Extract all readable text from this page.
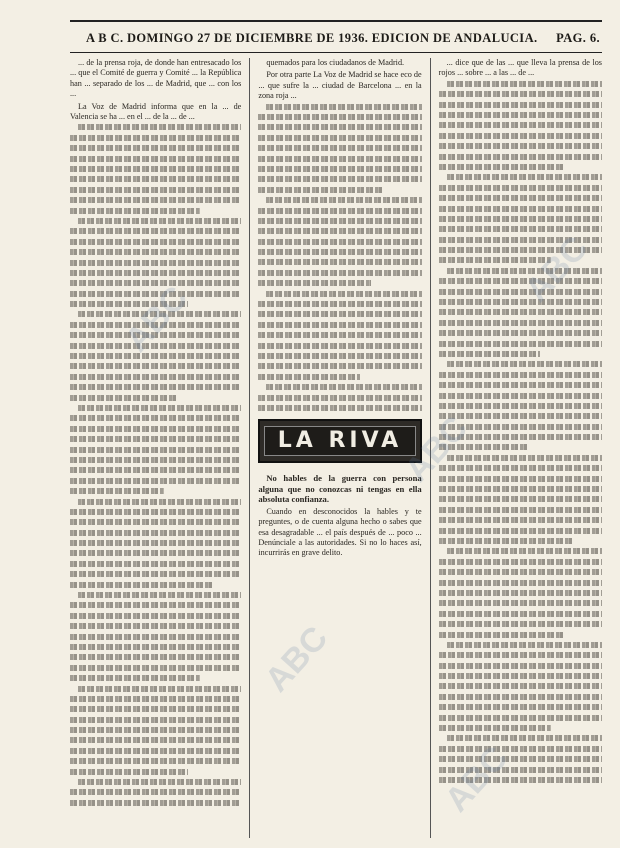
A B C. DOMINGO 27 DE DICIEMBRE DE 1936. EDICION DE ANDALUCIA.	PAG. 6.

... de la prensa roja, de donde han entresacado los ... que el Comité de guerra y Comité ... la República han ... separado de los ... de Madrid, que ... con los ...

La Voz de Madrid informa que en la ... de Valencia se ha ... en el ... de la ... de ...

quemados para los ciudadanos de Madrid.

Por otra parte La Voz de Madrid se hace eco de ... que sufre la ... ciudad de Barcelona ... en la zona roja ...

LA RIVA

No hables de la guerra con persona alguna que no conozcas ni tengas en ella absoluta confianza.

Cuando en desconocidos la hables y te preguntes, o de cuenta alguna hecho o sabes que esa desagradable ... el país después de ... poco ... Denúnciale a las autoridades. Si no lo haces así, incurrirás en grave delito.

... dice que de las ... que lleva la prensa de los rojos ... sobre ... a las ... de ...

ABC
ABC
ABC
